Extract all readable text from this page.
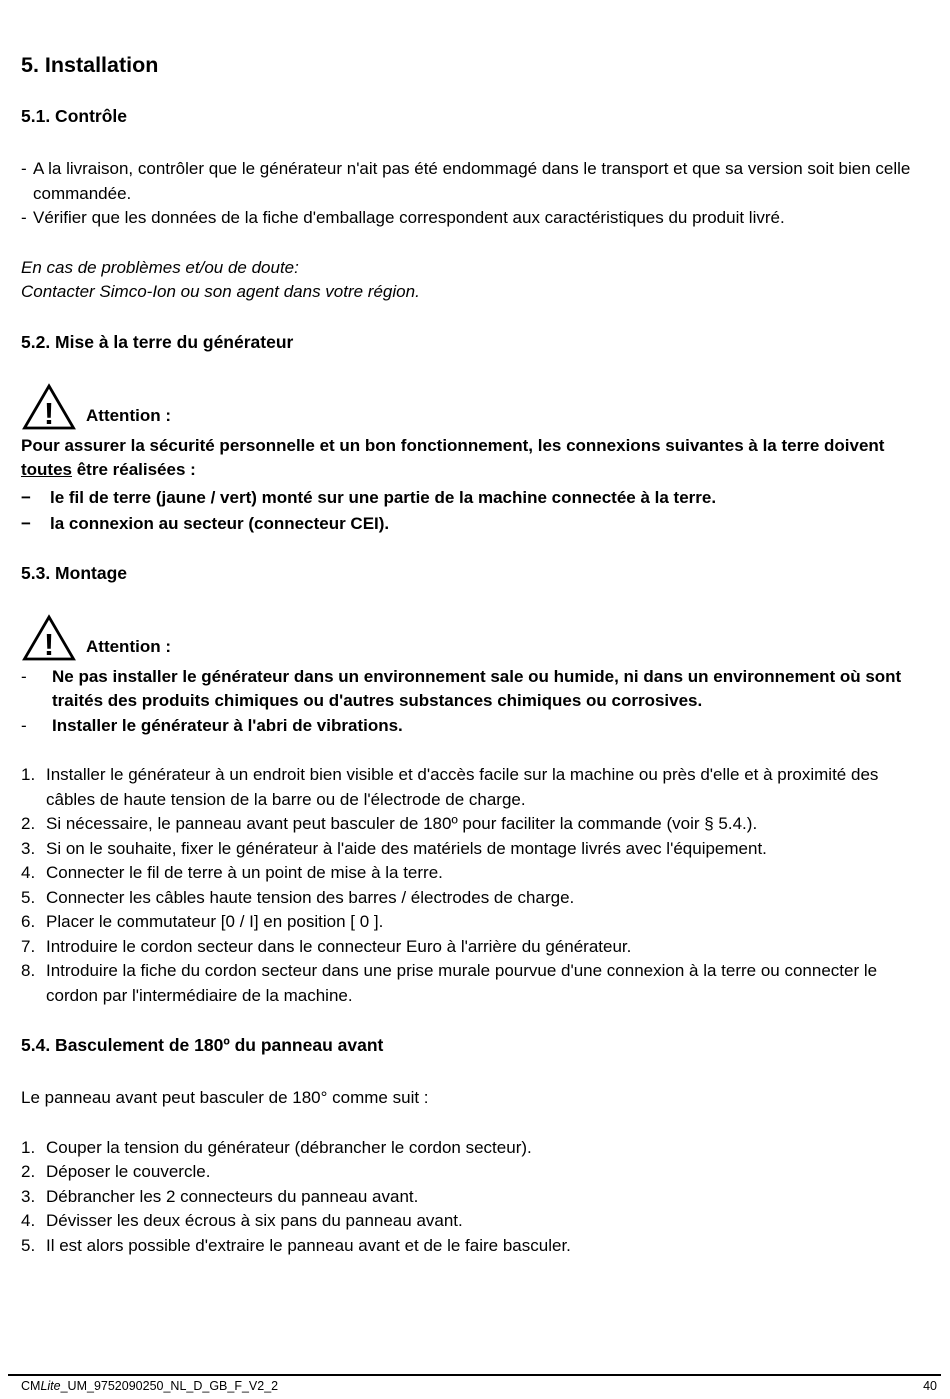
5. Installation
5.1. Contrôle
- A la livraison, contrôler que le générateur n'ait pas été endommagé dans le transport et que sa version soit bien celle commandée.
- Vérifier que les données de la fiche d'emballage correspondent aux caractéristiques du produit livré.
En cas de problèmes et/ou de doute:
Contacter Simco-Ion ou son agent dans votre région.
5.2. Mise à la terre du générateur
! Attention :
Pour assurer la sécurité personnelle et un bon fonctionnement, les connexions suivantes à la terre doivent toutes être réalisées :
−	le fil de terre (jaune / vert) monté sur une partie de la machine connectée à la terre.
−	la connexion au secteur (connecteur CEI).
5.3. Montage
! Attention :
-	Ne pas installer le générateur dans un environnement sale ou humide, ni dans un environnement où sont traités des produits chimiques ou d'autres substances chimiques ou corrosives.
-	Installer le générateur à l'abri de vibrations.
1. Installer le générateur à un endroit bien visible et d'accès facile sur la machine ou près d'elle et à proximité des câbles de haute tension de la barre ou de l'électrode de charge.
2. Si nécessaire, le panneau avant peut basculer de 180º pour faciliter la commande (voir § 5.4.).
3. Si on le souhaite, fixer le générateur à l'aide des matériels de montage livrés avec l'équipement.
4. Connecter le fil de terre à un point de mise à la terre.
5. Connecter les câbles haute tension des barres / électrodes de charge.
6. Placer le commutateur [0 / I] en position [ 0 ].
7. Introduire le cordon secteur dans le connecteur Euro à l'arrière du générateur.
8. Introduire la fiche du cordon secteur dans une prise murale pourvue d'une connexion à la terre ou connecter le cordon par l'intermédiaire de la machine.
5.4. Basculement de 180º du panneau avant
Le panneau avant peut basculer de 180° comme suit :
1. Couper la tension du générateur (débrancher le cordon secteur).
2. Déposer le couvercle.
3. Débrancher les 2 connecteurs du panneau avant.
4. Dévisser les deux écrous à six pans du panneau avant.
5. Il est alors possible d'extraire le panneau avant et de le faire basculer.
CMLite_UM_9752090250_NL_D_GB_F_V2_2	40
